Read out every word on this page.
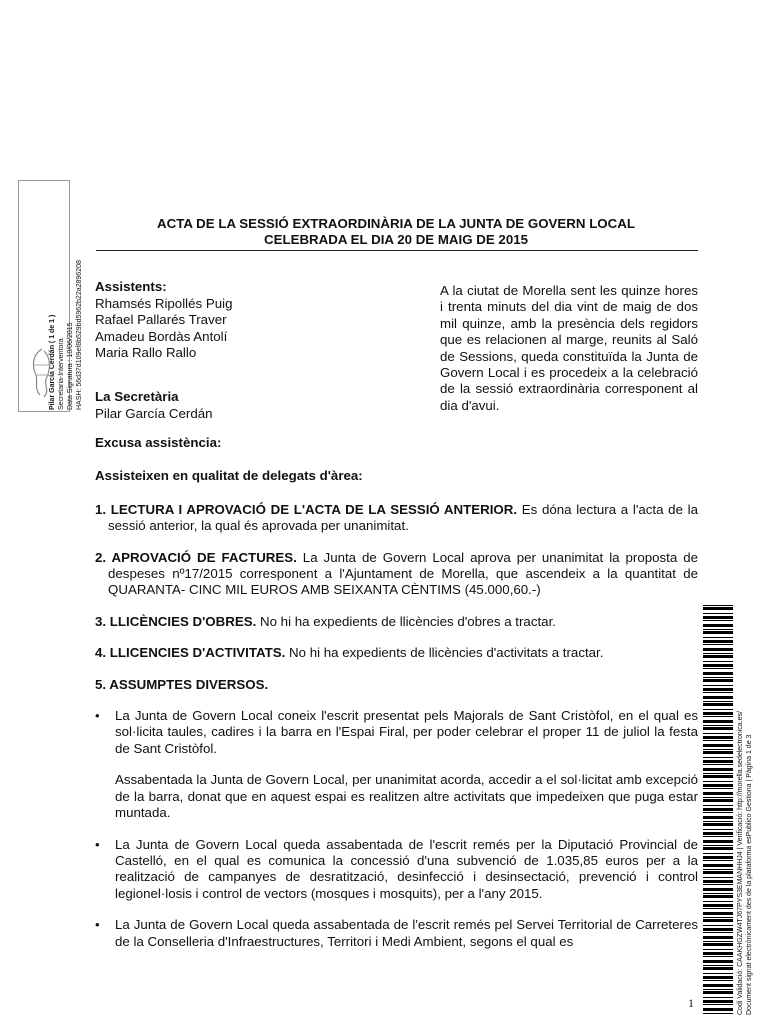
Pilar García Cerdán ( 1 de 1 ) Secretaria-Interventora Data Signatura : 10/06/2015 HASH: 56d37d109ef8b529bd5962b22a2896208
ACTA DE LA SESSIÓ EXTRAORDINÀRIA DE LA JUNTA DE GOVERN LOCAL
CELEBRADA EL DIA 20 DE MAIG DE 2015
Assistents:
Rhamsés Ripollés Puig
Rafael Pallarés Traver
Amadeu Bordàs Antolí
Maria Rallo Rallo
La Secretària
Pilar García Cerdán
A la ciutat de Morella sent les quinze hores i trenta minuts del dia vint de maig de dos mil quinze, amb la presència dels regidors que es relacionen al marge, reunits al Saló de Sessions, queda constituïda la Junta de Govern Local i es procedeix a la celebració de la sessió extraordinària corresponent al dia d'avui.

Excusa assistència:

Assisteixen en qualitat de delegats d'àrea:

1. LECTURA I APROVACIÓ DE L'ACTA DE LA SESSIÓ ANTERIOR. Es dóna lectura a l'acta de la sessió anterior, la qual és aprovada per unanimitat.

2. APROVACIÓ DE FACTURES. La Junta de Govern Local aprova per unanimitat la proposta de despeses nº17/2015 corresponent a l'Ajuntament de Morella, que ascendeix a la quantitat de QUARANTA- CINC MIL EUROS AMB SEIXANTA CÈNTIMS (45.000,60.-)

3. LLICÈNCIES D'OBRES. No hi ha expedients de llicències d'obres a tractar.

4. LLICENCIES D'ACTIVITATS. No hi ha expedients de llicències d'activitats a tractar.

5. ASSUMPTES DIVERSOS.

• La Junta de Govern Local coneix l'escrit presentat pels Majorals de Sant Cristòfol, en el qual es sol·licita taules, cadires i la barra en l'Espai Firal, per poder celebrar el proper 11 de juliol la festa de Sant Cristòfol.

Assabentada la Junta de Govern Local, per unanimitat acorda, accedir a el sol·licitat amb excepció de la barra, donat que en aquest espai es realitzen altre activitats que impedeixen que puga estar muntada.

• La Junta de Govern Local queda assabentada de l'escrit remés per la Diputació Provincial de Castelló, en el qual es comunica la concessió d'una subvenció de 1.035,85 euros per a la realització de campanyes de desratització, desinfecció i desinsectació, prevenció i control legionel·losis i control de vectors (mosques i mosquits), per a l'any 2015.

• La Junta de Govern Local queda assabentada de l'escrit remés pel Servei Territorial de Carreteres de la Conselleria d'Infraestructures, Territori i Medi Ambient, segons el qual es	Codi Validació: CAAKHGZW4TJ67PYS3EMANHHJ4 | Verificació: http://morella.sedelectronica.es/ Document signat electrònicament des de la plataforma esPublico Gestiona | Pàgina 1 de 3
1
